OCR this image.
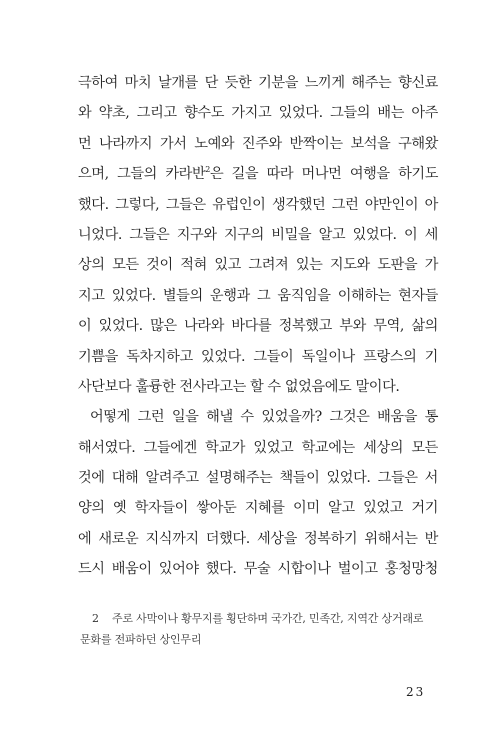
극하여 마치 날개를 단 듯한 기분을 느끼게 해주는 향신료
와 약초, 그리고 향수도 가지고 있었다. 그들의 배는 아주
먼 나라까지 가서 노예와 진주와 반짝이는 보석을 구해왔
으며, 그들의 카라반$^2$은 길을 따라 머나먼 여행을 하기도
했다. 그렇다, 그들은 유럽인이 생각했던 그런 야만인이 아
니었다. 그들은 지구와 지구의 비밀을 알고 있었다. 이 세
상의 모든 것이 적혀 있고 그려져 있는 지도와 도판을 가
지고 있었다. 별들의 운행과 그 움직임을 이해하는 현자들
이 있었다. 많은 나라와 바다를 정복했고 부와 무역, 삶의
기쁨을 독차지하고 있었다. 그들이 독일이나 프랑스의 기
사단보다 훌륭한 전사라고는 할 수 없었음에도 말이다.
어떻게 그런 일을 해낼 수 있었을까? 그것은 배움을 통
해서였다. 그들에겐 학교가 있었고 학교에는 세상의 모든
것에 대해 알려주고 설명해주는 책들이 있었다. 그들은 서
양의 옛 학자들이 쌓아둔 지혜를 이미 알고 있었고 거기
에 새로운 지식까지 더했다. 세상을 정복하기 위해서는 반
드시 배움이 있어야 했다. 무술 시합이나 벌이고 홍청망청
2 주로 사막이나 황무지를 횡단하며 국가간, 민족간, 지역간 상거래로
문화를 전파하던 상인무리
23
